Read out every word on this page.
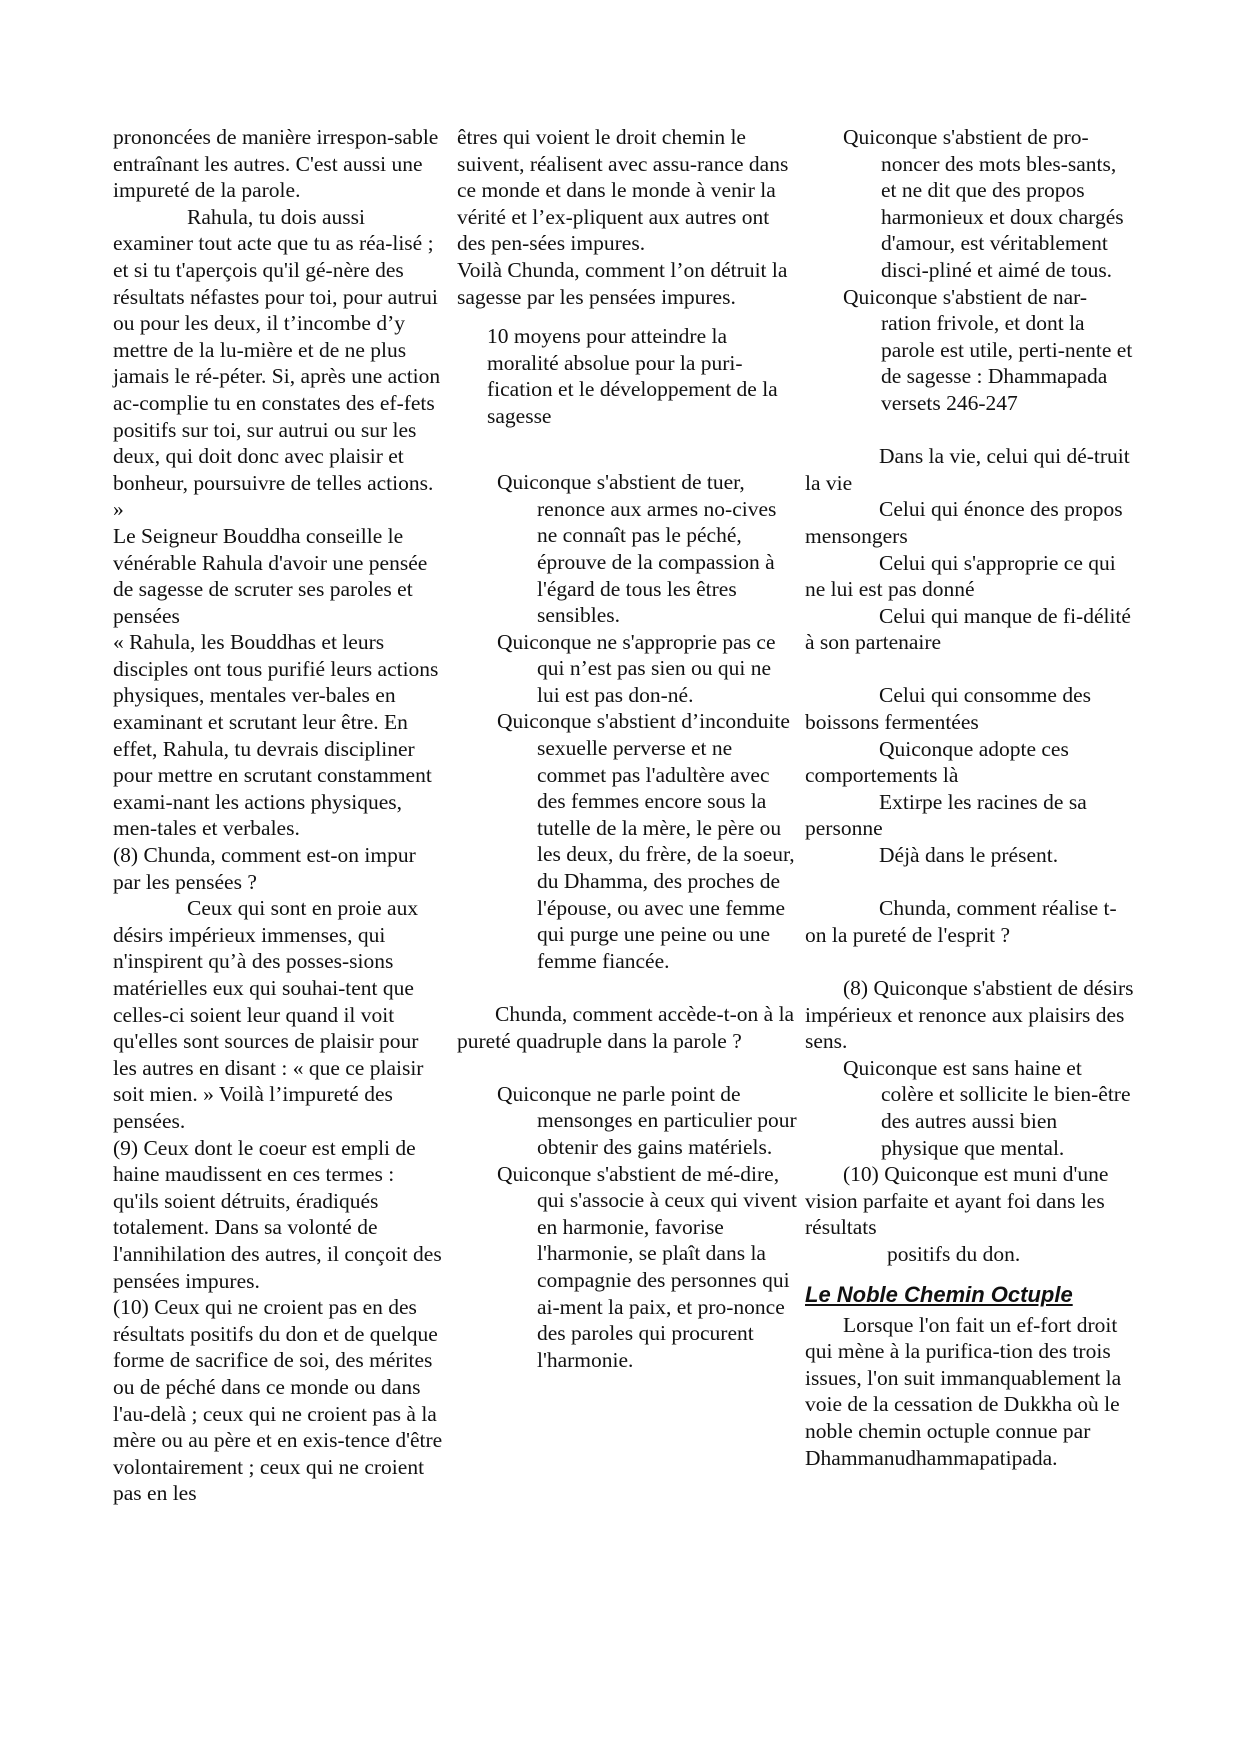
prononcées de manière irrespon-sable entraînant les autres. C'est aussi une impureté de la parole.

Rahula, tu dois aussi examiner tout acte que tu as réa-lisé ; et si tu t'aperçois qu'il gé-nère des résultats néfastes pour toi, pour autrui ou pour les deux, il t’incombe d’y mettre de la lu-mière et de ne plus jamais le ré-péter. Si, après une action ac-complie tu en constates des ef-fets positifs sur toi, sur autrui ou sur les deux, qui doit donc avec plaisir et bonheur, poursuivre de telles actions. »

Le Seigneur Bouddha conseille le vénérable Rahula d'avoir une pensée de sagesse de scruter ses paroles et pensées

« Rahula, les Bouddhas et leurs disciples ont tous purifié leurs actions physiques, mentales ver-bales en examinant et scrutant leur être. En effet, Rahula, tu devrais discipliner pour mettre en scrutant constamment exami-nant les actions physiques, men-tales et verbales.

(8) Chunda, comment est-on impur par les pensées ?

Ceux qui sont en proie aux désirs impérieux immenses, qui n'inspirent qu’à des posses-sions matérielles eux qui souhai-tent que celles-ci soient leur quand il voit qu'elles sont sources de plaisir pour les autres en disant : « que ce plaisir soit mien. » Voilà l’impureté des pensées.

(9) Ceux dont le coeur est empli de haine maudissent en ces termes : qu'ils soient détruits, éradiqués totalement. Dans sa volonté de l'annihilation des autres, il conçoit des pensées impures.

(10) Ceux qui ne croient pas en des résultats positifs du don et de quelque forme de sacrifice de soi, des mérites ou de péché dans ce monde ou dans l'au-delà ; ceux qui ne croient pas à la mère ou au père et en exis-tence d'être volontairement ; ceux qui ne croient pas en les

êtres qui voient le droit chemin le suivent, réalisent avec assu-rance dans ce monde et dans le monde à venir la vérité et l’ex-pliquent aux autres ont des pen-sées impures.

Voilà Chunda, comment l’on détruit la sagesse par les pensées impures.

10 moyens pour atteindre la moralité absolue pour la puri-fication et le développement de la sagesse

Quiconque s'abstient de tuer, renonce aux armes no-cives ne connaît pas le péché, éprouve de la compassion à l'égard de tous les êtres sensibles.

Quiconque ne s'approprie pas ce qui n’est pas sien ou qui ne lui est pas don-né.

Quiconque s'abstient d’inconduite sexuelle perverse et ne commet pas l'adultère avec des femmes encore sous la tutelle de la mère, le père ou les deux, du frère, de la soeur, du Dhamma, des proches de l'épouse, ou avec une femme qui purge une peine ou une femme fiancée.

Chunda, comment accède-t-on à la pureté quadruple dans la parole ?

Quiconque ne parle point de mensonges en particulier pour obtenir des gains matériels.

Quiconque s'abstient de mé-dire, qui s'associe à ceux qui vivent en harmonie, favorise l'harmonie, se plaît dans la compagnie des personnes qui ai-ment la paix, et pro-nonce des paroles qui procurent l'harmonie.

Quiconque s'abstient de pro-noncer des mots bles-sants, et ne dit que des propos harmonieux et doux chargés d'amour, est véritablement disci-pliné et aimé de tous.

Quiconque s'abstient de nar-ration frivole, et dont la parole est utile, perti-nente et de sagesse : Dhammapada versets 246-247

Dans la vie, celui qui dé-truit la vie

Celui qui énonce des propos mensongers

Celui qui s'approprie ce qui ne lui est pas donné

Celui qui manque de fi-délité à son partenaire

Celui qui consomme des boissons fermentées

Quiconque adopte ces comportements là

Extirpe les racines de sa personne

Déjà dans le présent.

Chunda, comment réalise t-on la pureté de l'esprit ?

(8) Quiconque s'abstient de désirs impérieux et renonce aux plaisirs des sens.

Quiconque est sans haine et colère et sollicite le bien-être des autres aussi bien physique que mental.

(10) Quiconque est muni d'une vision parfaite et ayant foi dans les résultats

positifs du don.

Le Noble Chemin Octuple

Lorsque l'on fait un ef-fort droit qui mène à la purifica-tion des trois issues, l'on suit immanquablement la voie de la cessation de Dukkha où le noble chemin octuple connue par Dhammanudhammapatipada.
